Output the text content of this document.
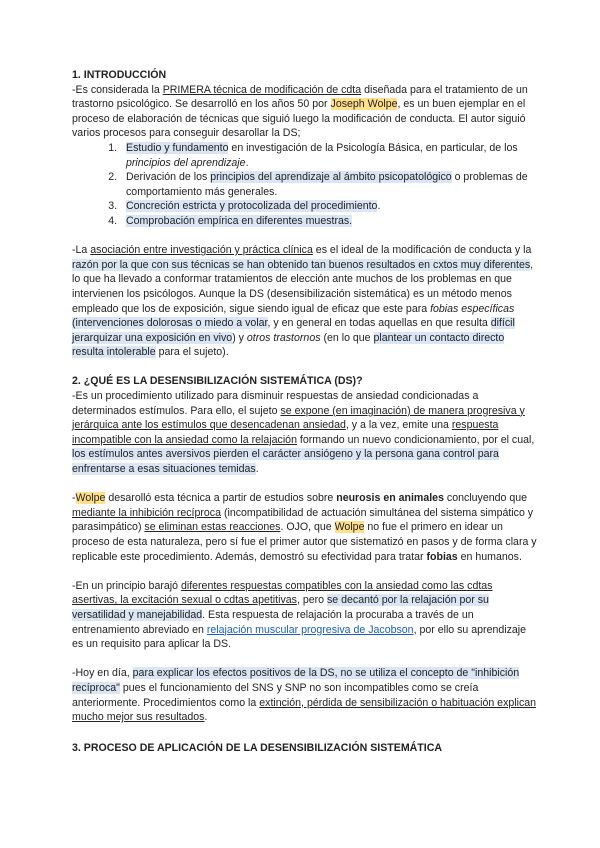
1. INTRODUCCIÓN

-Es considerada la PRIMERA técnica de modificación de cdta diseñada para el tratamiento de un trastorno psicológico. Se desarrolló en los años 50 por Joseph Wolpe, es un buen ejemplar en el proceso de elaboración de técnicas que siguió luego la modificación de conducta. El autor siguió varios procesos para conseguir desarollar la DS;

1. Estudio y fundamento en investigación de la Psicología Básica, en particular, de los principios del aprendizaje.
2. Derivación de los principios del aprendizaje al ámbito psicopatológico o problemas de comportamiento más generales.
3. Concreción estricta y protocolizada del procedimiento.
4. Comprobación empírica en diferentes muestras.

-La asociación entre investigación y práctica clínica es el ideal de la modificación de conducta y la razón por la que con sus técnicas se han obtenido tan buenos resultados en cxtos muy diferentes, lo que ha llevado a conformar tratamientos de elección ante muchos de los problemas en que intervienen los psicólogos. Aunque la DS (desensibilización sistemática) es un método menos empleado que los de exposición, sigue siendo igual de eficaz que este para fobias específicas (intervenciones dolorosas o miedo a volar, y en general en todas aquellas en que resulta difícil jerarquizar una exposición en vivo) y otros trastornos (en lo que plantear un contacto directo resulta intolerable para el sujeto).

2. ¿QUÉ ES LA DESENSIBILIZACIÓN SISTEMÁTICA (DS)?

-Es un procedimiento utilizado para disminuir respuestas de ansiedad condicionadas a determinados estímulos. Para ello, el sujeto se expone (en imaginación) de manera progresiva y jerárquica ante los estímulos que desencadenan ansiedad, y a la vez, emite una respuesta incompatible con la ansiedad como la relajación formando un nuevo condicionamiento, por el cual, los estímulos antes aversivos pierden el carácter ansiógeno y la persona gana control para enfrentarse a esas situaciones temidas.

-Wolpe desarolló esta técnica a partir de estudios sobre neurosis en animales concluyendo que mediante la inhibición recíproca (incompatibilidad de actuación simultánea del sistema simpático y parasimpático) se eliminan estas reacciones. OJO, que Wolpe no fue el primero en idear un proceso de esta naturaleza, pero sí fue el primer autor que sistematizó en pasos y de forma clara y replicable este procedimiento. Además, demostró su efectividad para tratar fobias en humanos.

-En un principio barajó diferentes respuestas compatibles con la ansiedad como las cdtas asertivas, la excitación sexual o cdtas apetitivas, pero se decantó por la relajación por su versatilidad y manejabilidad. Esta respuesta de relajación la procuraba a través de un entrenamiento abreviado en relajación muscular progresiva de Jacobson, por ello su aprendizaje es un requisito para aplicar la DS.

-Hoy en día, para explicar los efectos positivos de la DS, no se utiliza el concepto de "inhibición recíproca" pues el funcionamiento del SNS y SNP no son incompatibles como se creía anteriormente. Procedimientos como la extinción, pérdida de sensibilización o habituación explican mucho mejor sus resultados.

3. PROCESO DE APLICACIÓN DE LA DESENSIBILIZACIÓN SISTEMÁTICA
